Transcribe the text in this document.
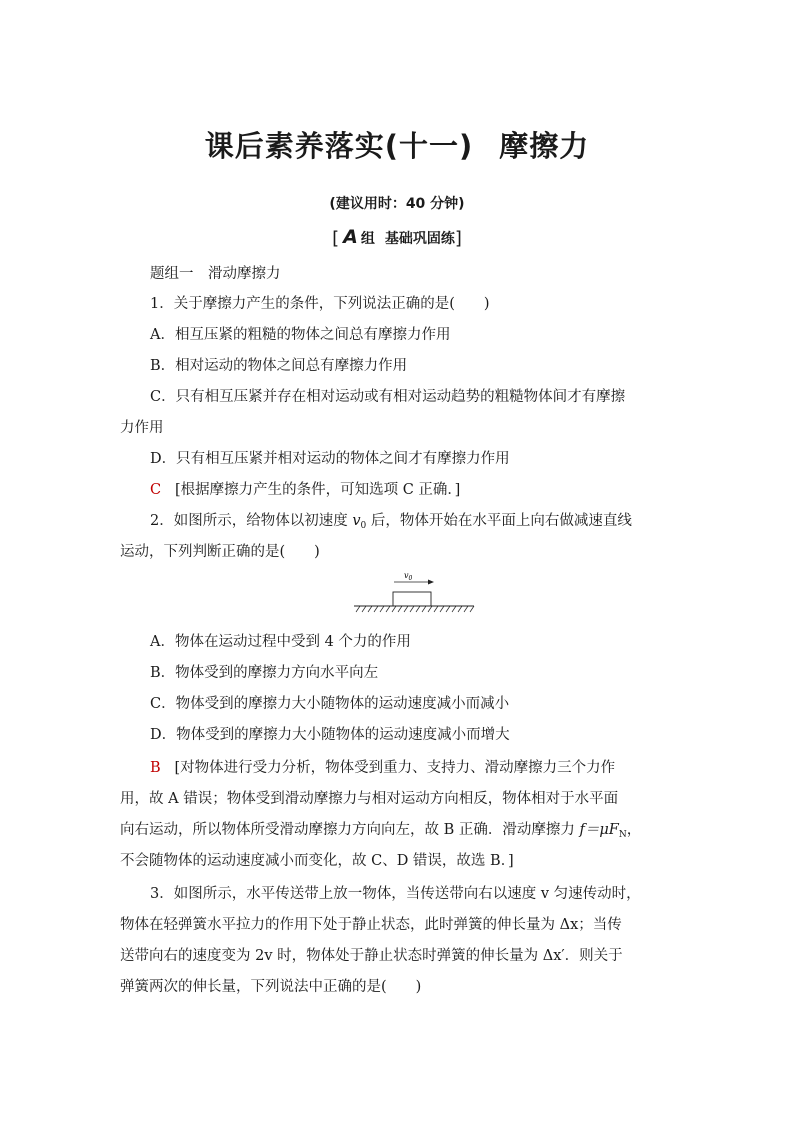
课后素养落实(十一) 摩擦力
(建议用时：40 分钟)
[ A 组 基础巩固练]
题组一　滑动摩擦力
1．关于摩擦力产生的条件，下列说法正确的是(　　)
A．相互压紧的粗糙的物体之间总有摩擦力作用
B．相对运动的物体之间总有摩擦力作用
C．只有相互压紧并存在相对运动或有相对运动趋势的粗糙物体间才有摩擦
力作用
D．只有相互压紧并相对运动的物体之间才有摩擦力作用
C [根据摩擦力产生的条件，可知选项 C 正确．]
2．如图所示，给物体以初速度 $v_0$ 后，物体开始在水平面上向右做减速直线
运动，下列判断正确的是(　　)
$v_0$
A．物体在运动过程中受到 4 个力的作用
B．物体受到的摩擦力方向水平向左
C．物体受到的摩擦力大小随物体的运动速度减小而减小
D．物体受到的摩擦力大小随物体的运动速度减小而增大
B [对物体进行受力分析，物体受到重力、支持力、滑动摩擦力三个力作
用，故 A 错误；物体受到滑动摩擦力与相对运动方向相反，物体相对于水平面
向右运动，所以物体所受滑动摩擦力方向向左，故 B 正确．滑动摩擦力 $f=\mu F_N$，
不会随物体的运动速度减小而变化，故 C、D 错误，故选 B．]
3．如图所示，水平传送带上放一物体，当传送带向右以速度 v 匀速传动时，
物体在轻弹簧水平拉力的作用下处于静止状态，此时弹簧的伸长量为 Δx；当传
送带向右的速度变为 2v 时，物体处于静止状态时弹簧的伸长量为 Δx′．则关于
弹簧两次的伸长量，下列说法中正确的是(　　)
